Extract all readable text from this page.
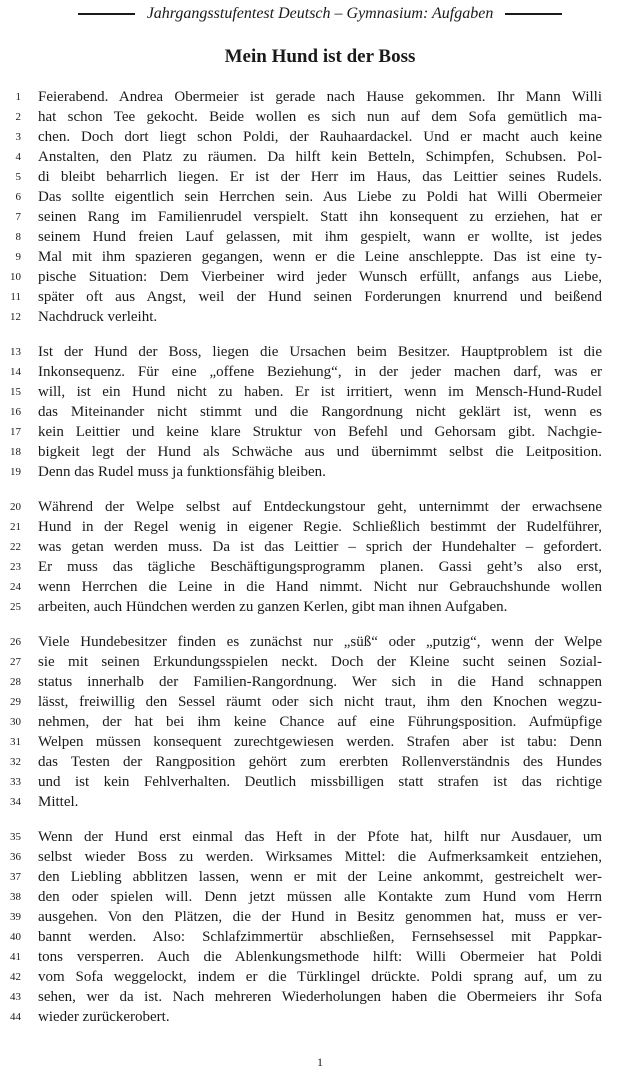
Jahrgangsstufentest Deutsch – Gymnasium: Aufgaben
Mein Hund ist der Boss
1 Feierabend. Andrea Obermeier ist gerade nach Hause gekommen. Ihr Mann Willi
2 hat schon Tee gekocht. Beide wollen es sich nun auf dem Sofa gemütlich ma-
3 chen. Doch dort liegt schon Poldi, der Rauhaardackel. Und er macht auch keine
4 Anstalten, den Platz zu räumen. Da hilft kein Betteln, Schimpfen, Schubsen. Pol-
5 di bleibt beharrlich liegen. Er ist der Herr im Haus, das Leittier seines Rudels.
6 Das sollte eigentlich sein Herrchen sein. Aus Liebe zu Poldi hat Willi Obermeier
7 seinen Rang im Familienrudel verspielt. Statt ihn konsequent zu erziehen, hat er
8 seinem Hund freien Lauf gelassen, mit ihm gespielt, wann er wollte, ist jedes
9 Mal mit ihm spazieren gegangen, wenn er die Leine anschleppte. Das ist eine ty-
10 pische Situation: Dem Vierbeiner wird jeder Wunsch erfüllt, anfangs aus Liebe,
11 später oft aus Angst, weil der Hund seinen Forderungen knurrend und beißend
12 Nachdruck verleiht.
13 Ist der Hund der Boss, liegen die Ursachen beim Besitzer. Hauptproblem ist die
14 Inkonsequenz. Für eine „offene Beziehung“, in der jeder machen darf, was er
15 will, ist ein Hund nicht zu haben. Er ist irritiert, wenn im Mensch-Hund-Rudel
16 das Miteinander nicht stimmt und die Rangordnung nicht geklärt ist, wenn es
17 kein Leittier und keine klare Struktur von Befehl und Gehorsam gibt. Nachgie-
18 bigkeit legt der Hund als Schwäche aus und übernimmt selbst die Leitposition.
19 Denn das Rudel muss ja funktionsfähig bleiben.
20 Während der Welpe selbst auf Entdeckungstour geht, unternimmt der erwachsene
21 Hund in der Regel wenig in eigener Regie. Schließlich bestimmt der Rudelführer,
22 was getan werden muss. Da ist das Leittier – sprich der Hundehalter – gefordert.
23 Er muss das tägliche Beschäftigungsprogramm planen. Gassi geht’s also erst,
24 wenn Herrchen die Leine in die Hand nimmt. Nicht nur Gebrauchshunde wollen
25 arbeiten, auch Hündchen werden zu ganzen Kerlen, gibt man ihnen Aufgaben.
26 Viele Hundebesitzer finden es zunächst nur „süß“ oder „putzig“, wenn der Welpe
27 sie mit seinen Erkundungsspielen neckt. Doch der Kleine sucht seinen Sozial-
28 status innerhalb der Familien-Rangordnung. Wer sich in die Hand schnappen
29 lässt, freiwillig den Sessel räumt oder sich nicht traut, ihm den Knochen wegzu-
30 nehmen, der hat bei ihm keine Chance auf eine Führungsposition. Aufmüpfige
31 Welpen müssen konsequent zurechtgewiesen werden. Strafen aber ist tabu: Denn
32 das Testen der Rangposition gehört zum ererbten Rollenverständnis des Hundes
33 und ist kein Fehlverhalten. Deutlich missbilligen statt strafen ist das richtige
34 Mittel.
35 Wenn der Hund erst einmal das Heft in der Pfote hat, hilft nur Ausdauer, um
36 selbst wieder Boss zu werden. Wirksames Mittel: die Aufmerksamkeit entziehen,
37 den Liebling abblitzen lassen, wenn er mit der Leine ankommt, gestreichelt wer-
38 den oder spielen will. Denn jetzt müssen alle Kontakte zum Hund vom Herrn
39 ausgehen. Von den Plätzen, die der Hund in Besitz genommen hat, muss er ver-
40 bannt werden. Also: Schlafzimmertür abschließen, Fernsehsessel mit Pappkar-
41 tons versperren. Auch die Ablenkungsmethode hilft: Willi Obermeier hat Poldi
42 vom Sofa weggelockt, indem er die Türklingel drückte. Poldi sprang auf, um zu
43 sehen, wer da ist. Nach mehreren Wiederholungen haben die Obermeiers ihr Sofa
44 wieder zurückerobert.
1
